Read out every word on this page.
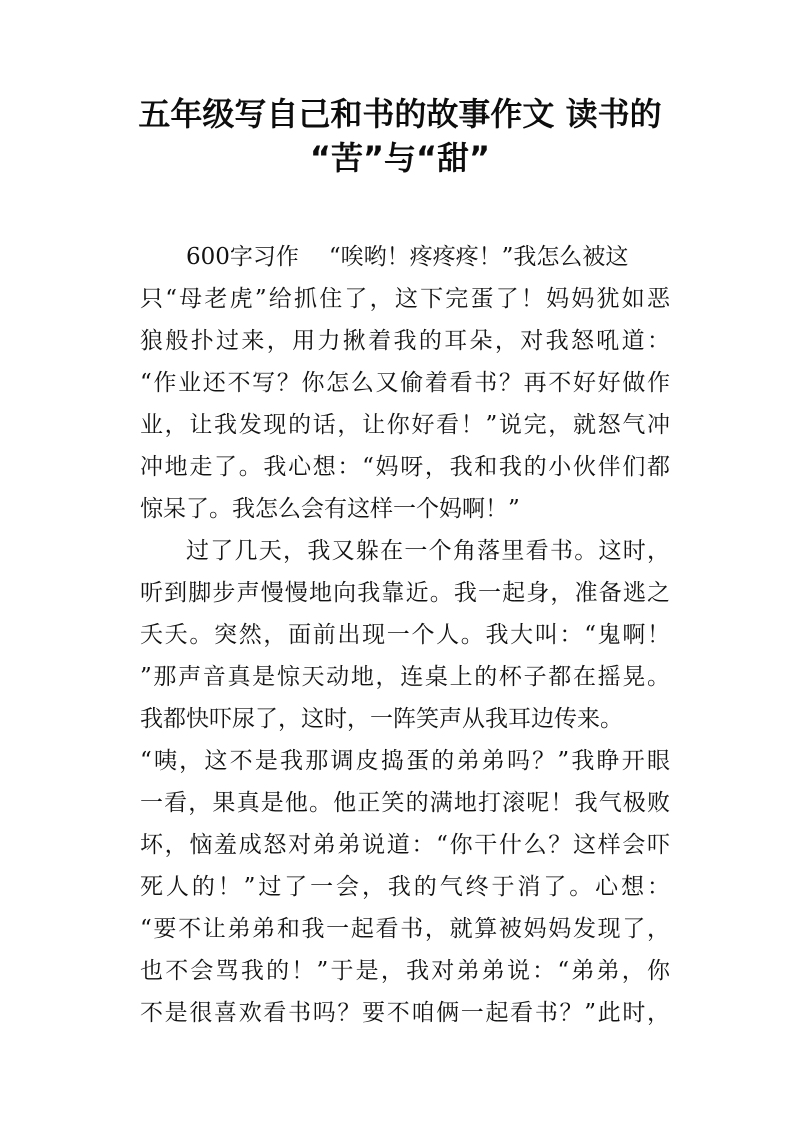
五年级写自己和书的故事作文 读书的
“苦”与“甜”
600字习作 “唉哟！疼疼疼！”我怎么被这
只“母老虎”给抓住了，这下完蛋了！妈妈犹如恶
狼般扑过来，用力揪着我的耳朵，对我怒吼道：
“作业还不写？你怎么又偷着看书？再不好好做作
业，让我发现的话，让你好看！”说完，就怒气冲
冲地走了。我心想：“妈呀，我和我的小伙伴们都
惊呆了。我怎么会有这样一个妈啊！”
过了几天，我又躲在一个角落里看书。这时，
听到脚步声慢慢地向我靠近。我一起身，准备逃之
夭夭。突然，面前出现一个人。我大叫：“鬼啊！
”那声音真是惊天动地，连桌上的杯子都在摇晃。
我都快吓尿了，这时，一阵笑声从我耳边传来。
“咦，这不是我那调皮捣蛋的弟弟吗？”我睁开眼
一看，果真是他。他正笑的满地打滚呢！我气极败
坏，恼羞成怒对弟弟说道：“你干什么？这样会吓
死人的！”过了一会，我的气终于消了。心想：
“要不让弟弟和我一起看书，就算被妈妈发现了，
也不会骂我的！”于是，我对弟弟说：“弟弟，你
不是很喜欢看书吗？要不咱俩一起看书？”此时，
